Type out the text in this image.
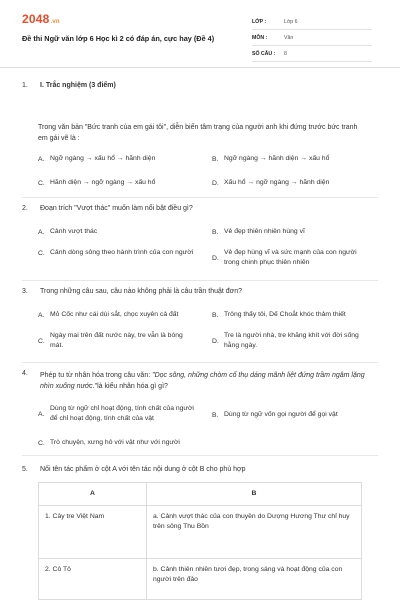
2048.vn
Đề thi Ngữ văn lớp 6 Học kì 2 có đáp án, cực hay (Đề 4)
LỚP :	Lớp 6
MÔN :	Văn
SỐ CÂU :	8
1.	I. Trắc nghiệm (3 điểm)
Trong văn bản "Bức tranh của em gái tôi", diễn biến tâm trạng của người anh khi đứng trước bức tranh em gái vẽ là :
A. Ngỡ ngàng → xấu hổ → hãnh diện	B. Ngỡ ngàng → hãnh diện → xấu hổ
C. Hãnh diện → ngỡ ngàng → xấu hổ	D. Xấu hổ → ngỡ ngàng → hãnh diện
2.	Đoạn trích "Vượt thác" muốn làm nổi bật điều gì?
A. Cảnh vượt thác	B. Vẻ đẹp thiên nhiên hùng vĩ
C. Cảnh dòng sông theo hành trình của con người
D.
Vẻ đẹp hùng vĩ và sức mạnh của con người trong chinh phục thiên nhiên
3.	Trong những câu sau, câu nào không phải là câu trần thuật đơn?
A. Mỏ Cốc như cái dùi sắt, chọc xuyên cả đất	B. Trông thấy tôi, Dế Choắt khóc thảm thiết
C.
Ngày mai trên đất nước này, tre vẫn là bóng mát.
D.
Tre là người nhà, tre khăng khít với đời sống hằng ngày.
4.	Phép tu từ nhân hóa trong câu văn: "Dọc sông, những chòm cổ thụ dáng mãnh liệt đứng trầm ngâm lặng nhìn xuống nước."là kiểu nhân hóa gì gì?
A.
Dùng từ ngữ chỉ hoạt động, tính chất của người để chỉ hoạt động, tính chất của vật	B. Dùng từ ngữ vốn gọi người để gọi vật
C. Trò chuyện, xưng hô với vật như với người
5.	Nối tên tác phẩm ở cột A với tên tác nội dung ở cột B cho phù hợp
A	B
1. Cây tre Việt Nam	a. Cảnh vượt thác của con thuyền do Dượng Hương Thư chỉ huy trên sông Thu Bồn
2. Cô Tô	b. Cảnh thiên nhiên tươi đẹp, trong sáng và hoạt động của con người trên đảo
